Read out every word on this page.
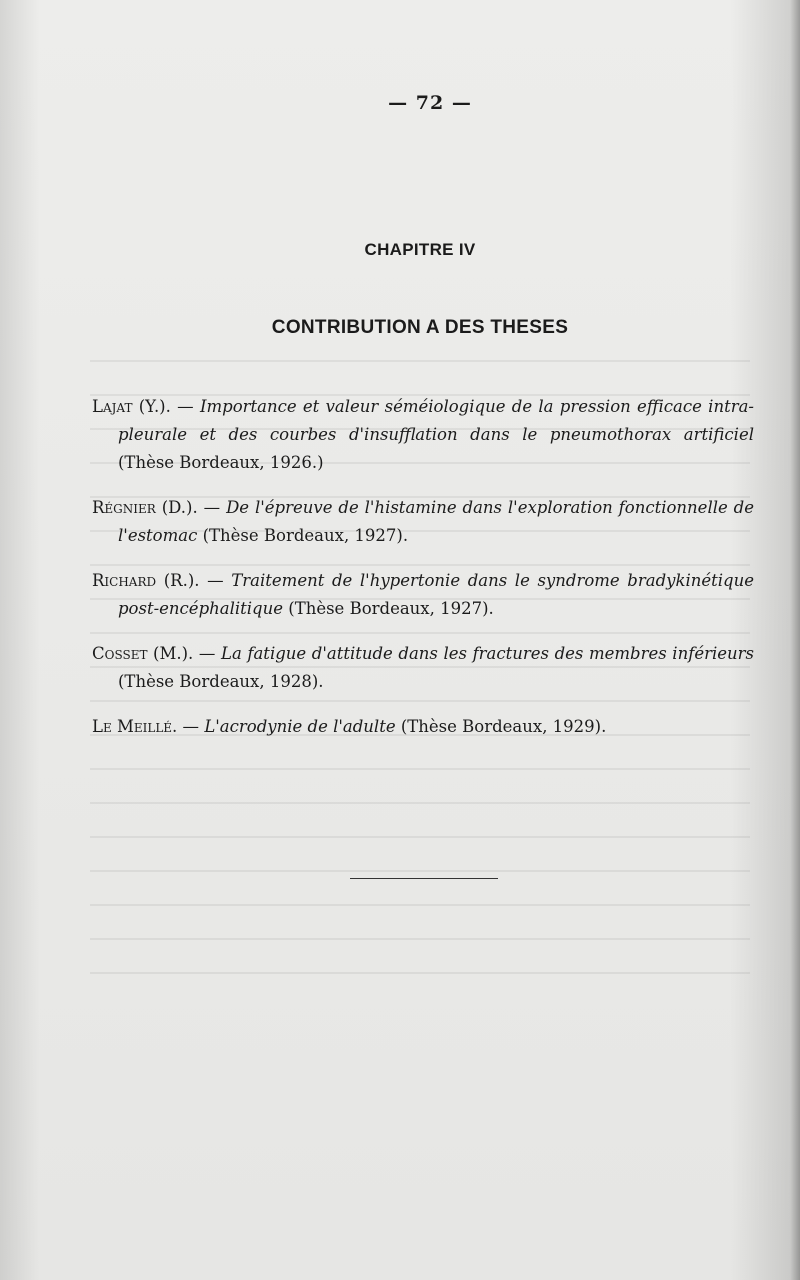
— 72 —
CHAPITRE IV
CONTRIBUTION A DES THESES
Lajat (Y.). — Importance et valeur séméiologique de la pression efficace intra-pleurale et des courbes d'insufflation dans le pneumothorax artificiel (Thèse Bordeaux, 1926.)
Régnier (D.). — De l'épreuve de l'histamine dans l'exploration fonctionnelle de l'estomac (Thèse Bordeaux, 1927).
Richard (R.). — Traitement de l'hypertonie dans le syndrome bradykinétique post-encéphalitique (Thèse Bordeaux, 1927).
Cosset (M.). — La fatigue d'attitude dans les fractures des membres inférieurs (Thèse Bordeaux, 1928).
Le Meillé. — L'acrodynie de l'adulte (Thèse Bordeaux, 1929).
